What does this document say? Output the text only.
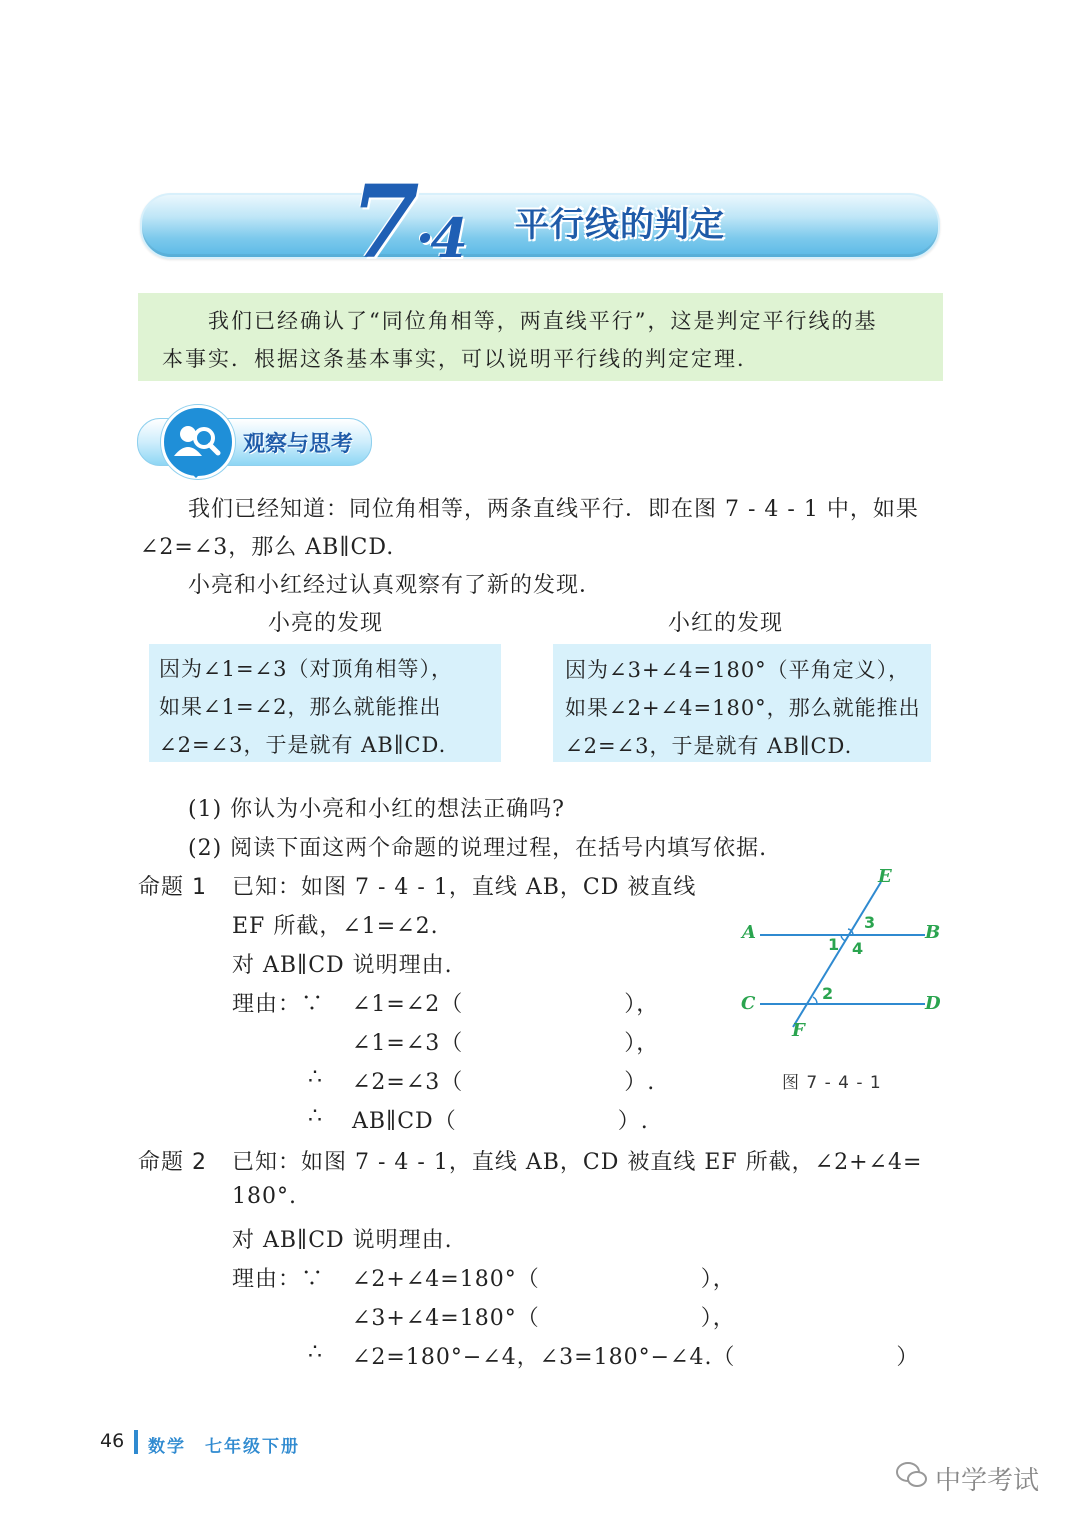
7·4 平行线的判定
我们已经确认了“同位角相等，两直线平行”，这是判定平行线的基
本事实．根据这条基本事实，可以说明平行线的判定定理．
观察与思考
我们已经知道：同位角相等，两条直线平行．即在图 7 - 4 - 1 中，如果
∠2=∠3，那么 AB∥CD.
小亮和小红经过认真观察有了新的发现．
小亮的发现	小红的发现
因为∠1=∠3（对顶角相等），
如果∠1=∠2，那么就能推出
∠2=∠3，于是就有 AB∥CD.
因为∠3+∠4=180°（平角定义），
如果∠2+∠4=180°，那么就能推出
∠2=∠3，于是就有 AB∥CD.
(1) 你认为小亮和小红的想法正确吗?
(2) 阅读下面这两个命题的说理过程，在括号内填写依据.
命题 1 已知：如图 7 - 4 - 1，直线 AB，CD 被直线
EF 所截，∠1=∠2.
对 AB∥CD 说明理由.
理由：∵ ∠1=∠2（　　　　　　　），
∠1=∠3（　　　　　　　），
∴ ∠2=∠3（　　　　　　　）.
∴ AB∥CD（　　　　　　　）.
E
A	B
C	D
F
3
1 4
2
图 7 - 4 - 1
命题 2 已知：如图 7 - 4 - 1，直线 AB，CD 被直线 EF 所截，∠2+∠4=
180°.
对 AB∥CD 说明理由.
理由：∵ ∠2+∠4=180°（　　　　　　　），
∠3+∠4=180°（　　　　　　　），
∴ ∠2=180°−∠4，∠3=180°−∠4.（　　　　　　　）
46 数学　七年级下册
中学考试
